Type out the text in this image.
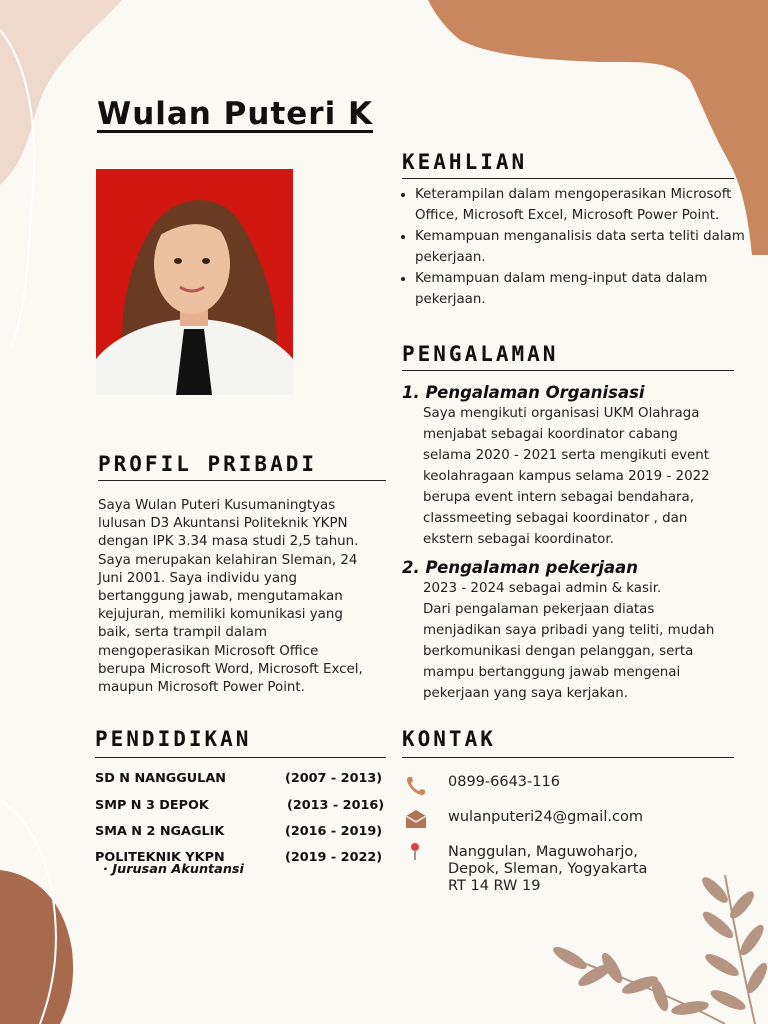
Wulan Puteri K
KEAHLIAN
• Keterampilan dalam mengoperasikan Microsoft Office, Microsoft Excel, Microsoft Power Point.
• Kemampuan menganalisis data serta teliti dalam pekerjaan.
• Kemampuan dalam meng-input data dalam pekerjaan.
PENGALAMAN
1. Pengalaman Organisasi
Saya mengikuti organisasi UKM Olahraga
menjabat sebagai koordinator cabang
selama 2020 - 2021 serta mengikuti event
keolahragaan kampus selama 2019 - 2022
berupa event intern sebagai bendahara,
classmeeting sebagai koordinator , dan
ekstern sebagai koordinator.
2. Pengalaman pekerjaan
2023 - 2024 sebagai admin & kasir.
Dari pengalaman pekerjaan diatas
menjadikan saya pribadi yang teliti, mudah
berkomunikasi dengan pelanggan, serta
mampu bertanggung jawab mengenai
pekerjaan yang saya kerjakan.
PROFIL PRIBADI
Saya Wulan Puteri Kusumaningtyas
lulusan D3 Akuntansi Politeknik YKPN
dengan IPK 3.34 masa studi 2,5 tahun.
Saya merupakan kelahiran Sleman, 24
Juni 2001. Saya individu yang
bertanggung jawab, mengutamakan
kejujuran, memiliki komunikasi yang
baik, serta trampil dalam
mengoperasikan Microsoft Office
berupa Microsoft Word, Microsoft Excel,
maupun Microsoft Power Point.
PENDIDIKAN
SD N NANGGULAN	(2007 - 2013)
SMP N 3 DEPOK	(2013 - 2016)
SMA N 2 NGAGLIK	(2016 - 2019)
POLITEKNIK YKPN	(2019 - 2022)
· Jurusan Akuntansi
KONTAK
0899-6643-116
wulanputeri24@gmail.com
Nanggulan, Maguwoharjo,
Depok, Sleman, Yogyakarta
RT 14 RW 19
